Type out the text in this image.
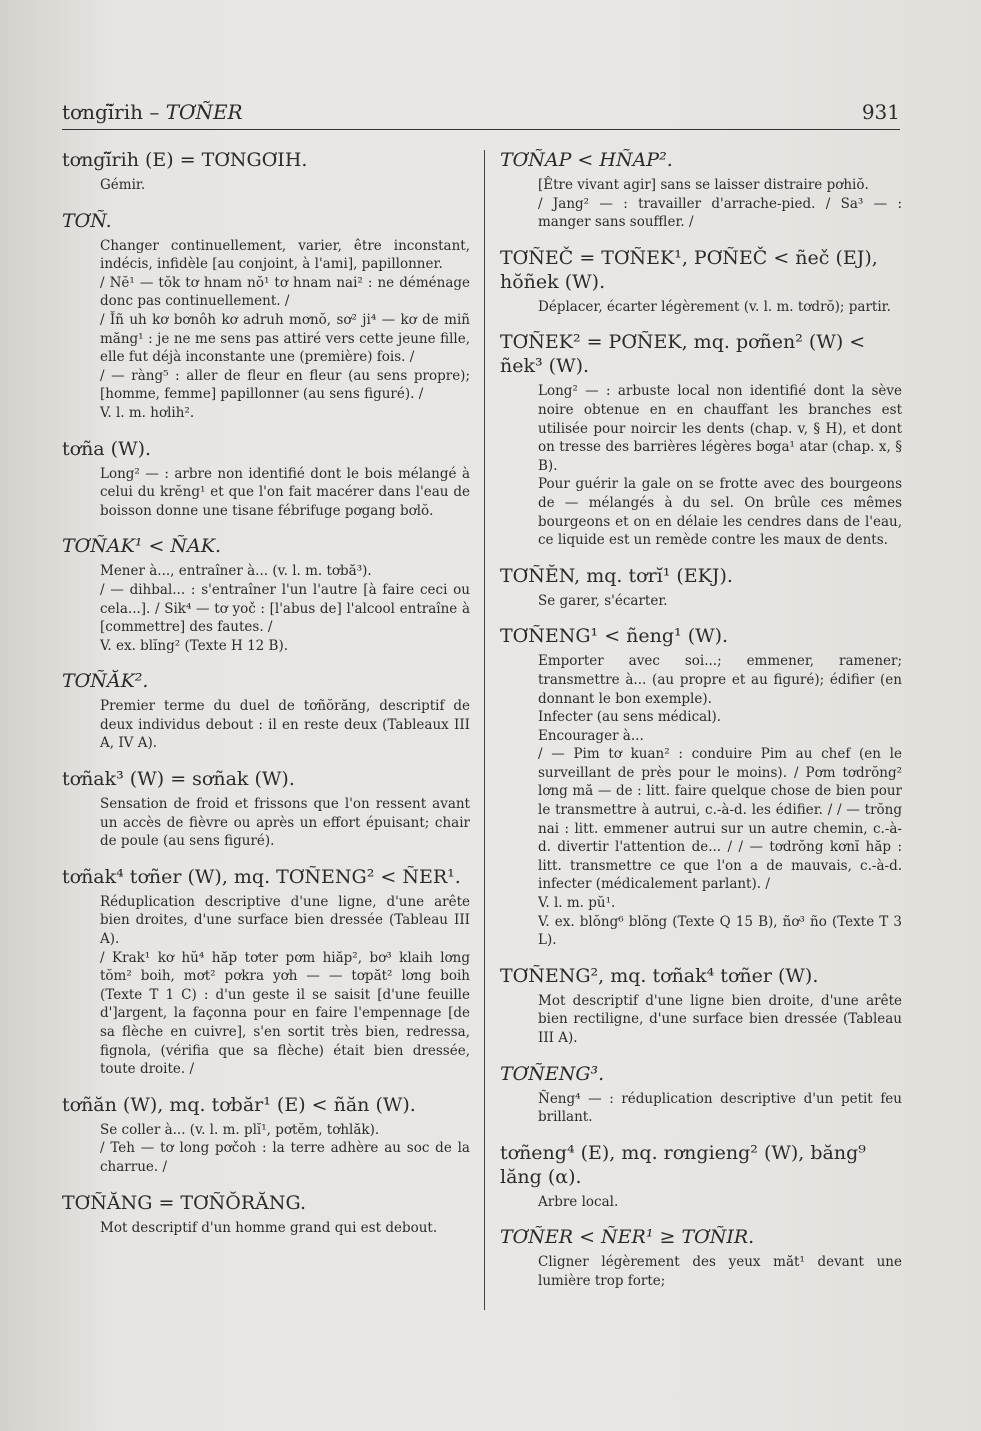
tơngĭ̈rih – TƠÑER	931
tơngĭ̈rih (E) = TƠNGƠIH.

Gémir.

TƠÑ.

Changer continuellement, varier, être inconstant, indécis, infidèle [au conjoint, à l'ami], papillonner.

/ Nĕ¹ — tŏk tơ hnam nŏ¹ tơ hnam nai² : ne déménage donc pas continuellement. /

/ Ĭñ uh kơ bơnôh kơ adruh mơnŏ, sơ² ji⁴ — kơ de miñ măng¹ : je ne me sens pas attiré vers cette jeune fille, elle fut déjà inconstante une (première) fois. /

/ — ràng⁵ : aller de fleur en fleur (au sens propre); [homme, femme] papillonner (au sens figuré). /

V. l. m. hơlih².

tơña (W).

Long² — : arbre non identifié dont le bois mélangé à celui du krĕng¹ et que l'on fait macérer dans l'eau de boisson donne une tisane fébrifuge pơgang bơlŏ.

TƠÑAK¹ < ÑAK.

Mener à..., entraîner à... (v. l. m. tơbă³).

/ — dihbal... : s'entraîner l'un l'autre [à faire ceci ou cela...]. / Sik⁴ — tơ yoč : [l'abus de] l'alcool entraîne à [commettre] des fautes. /

V. ex. blĭng² (Texte H 12 B).

TƠÑĂK².

Premier terme du duel de tơñŏrăng, descriptif de deux individus debout : il en reste deux (Tableaux III A, IV A).

tơñak³ (W) = sơñak (W).

Sensation de froid et frissons que l'on ressent avant un accès de fièvre ou après un effort épuisant; chair de poule (au sens figuré).

tơñak⁴ tơñer (W), mq. TƠÑENG² < ÑER¹.

Réduplication descriptive d'une ligne, d'une arête bien droites, d'une surface bien dressée (Tableau III A).

/ Krak¹ kơ hŭ⁴ hăp tơter pơm hiăp², bơ³ klaih lơng tŏm² boih, mơt² pơkra yơh — — tơpăt² lơng boih (Texte T 1 C) : d'un geste il se saisit [d'une feuille d']argent, la façonna pour en faire l'empennage [de sa flèche en cuivre], s'en sortit très bien, redressa, fignola, (vérifia que sa flèche) était bien dressée, toute droite. /

tơñăn (W), mq. tơbăr¹ (E) < ñăn (W).

Se coller à... (v. l. m. plĭ¹, pơtĕm, tơhlăk).

/ Teh — tơ long pơčoh : la terre adhère au soc de la charrue. /

TƠÑĂNG = TƠÑŎRĂNG.

Mot descriptif d'un homme grand qui est debout.

TƠÑAP < HÑAP².

[Être vivant agir] sans se laisser distraire pơhiŏ.

/ Jang² — : travailler d'arrache-pied. / Sa³ — : manger sans souffler. /

TƠÑEČ = TƠÑEK¹, PƠÑEČ < ñeč (EJ), hŏñek (W).

Déplacer, écarter légèrement (v. l. m. tơdrŏ); partir.

TƠÑEK² = PƠÑEK, mq. pơñen² (W) < ñek³ (W).

Long² — : arbuste local non identifié dont la sève noire obtenue en en chauffant les branches est utilisée pour noircir les dents (chap. v, § H), et dont on tresse des barrières légères bơga¹ atar (chap. x, § B).

Pour guérir la gale on se frotte avec des bourgeons de — mélangés à du sel. On brûle ces mêmes bourgeons et on en délaie les cendres dans de l'eau, ce liquide est un remède contre les maux de dents.

TƠÑĔN, mq. tơrĭ¹ (EKJ).

Se garer, s'écarter.

TƠÑENG¹ < ñeng¹ (W).

Emporter avec soi...; emmener, ramener; transmettre à... (au propre et au figuré); édifier (en donnant le bon exemple).

Infecter (au sens médical).

Encourager à...

/ — Pim tơ kuan² : conduire Pim au chef (en le surveillant de près pour le moins). / Pơm tơdrŏng² lơng mă — de : litt. faire quelque chose de bien pour le transmettre à autrui, c.-à-d. les édifier. / / — trŏng nai : litt. emmener autrui sur un autre chemin, c.-à-d. divertir l'attention de... / / — tơdrŏng kơnĭ hăp : litt. transmettre ce que l'on a de mauvais, c.-à-d. infecter (médicalement parlant). /

V. l. m. pŭ¹.

V. ex. blŏng⁶ blŏng (Texte Q 15 B), ñơ³ ño (Texte T 3 L).

TƠÑENG², mq. tơñak⁴ tơñer (W).

Mot descriptif d'une ligne bien droite, d'une arête bien rectiligne, d'une surface bien dressée (Tableau III A).

TƠÑENG³.

Ñeng⁴ — : réduplication descriptive d'un petit feu brillant.

tơñeng⁴ (E), mq. rơngieng² (W), băng⁹ lăng (α).

Arbre local.

TƠÑER < ÑER¹ ≥ TƠÑIR.

Cligner légèrement des yeux măt¹ devant une lumière trop forte;
